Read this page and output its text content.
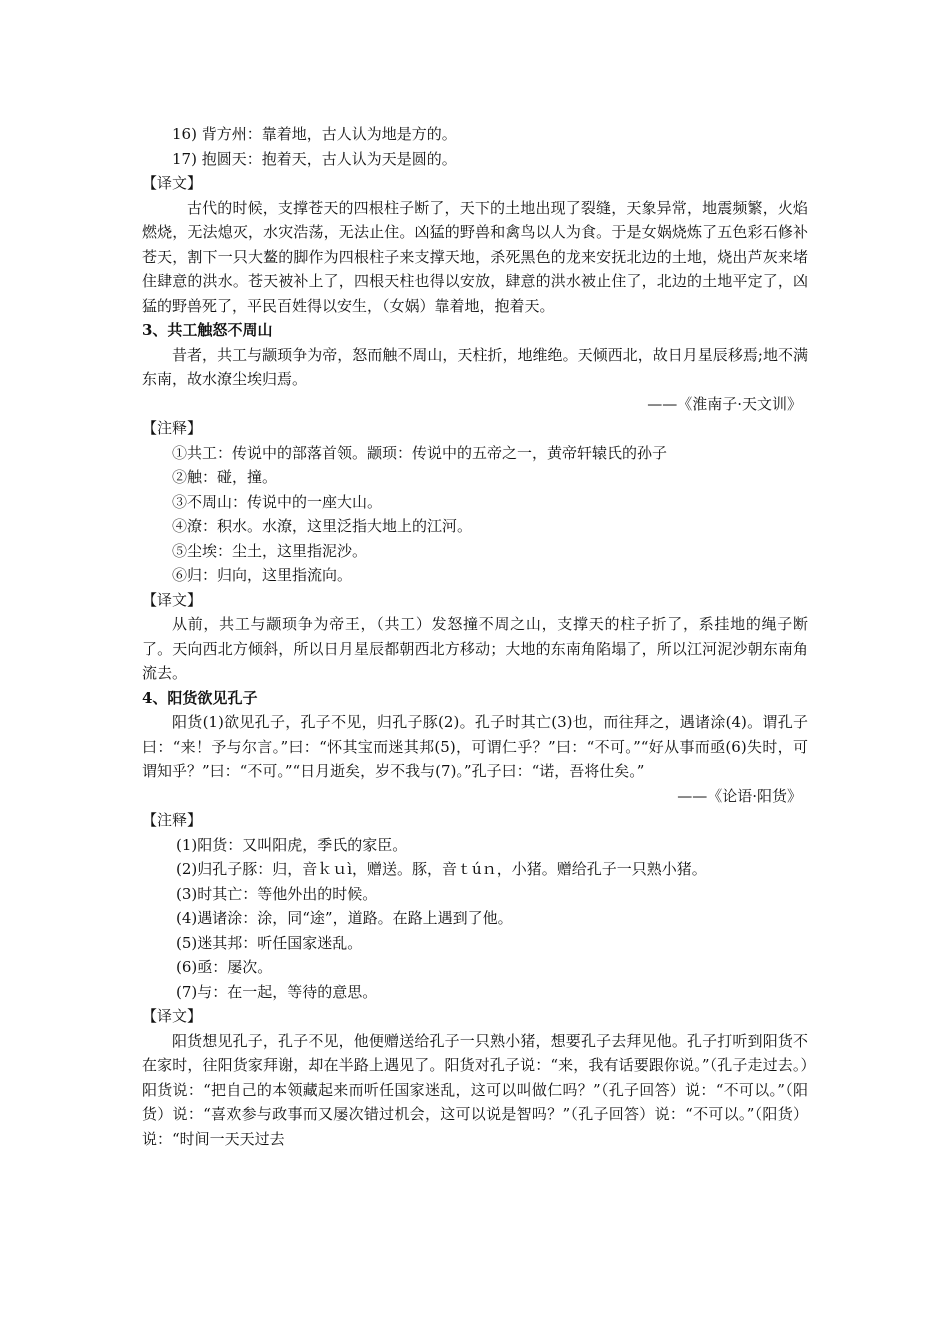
16) 背方州：靠着地，古人认为地是方的。
17) 抱圆天：抱着天，古人认为天是圆的。
【译文】
古代的时候，支撑苍天的四根柱子断了，天下的土地出现了裂缝，天象异常，地震频繁，火焰燃烧，无法熄灭，水灾浩荡，无法止住。凶猛的野兽和禽鸟以人为食。于是女娲烧炼了五色彩石修补苍天，割下一只大鳌的脚作为四根柱子来支撑天地，杀死黑色的龙来安抚北边的土地，烧出芦灰来堵住肆意的洪水。苍天被补上了，四根天柱也得以安放，肆意的洪水被止住了，北边的土地平定了，凶猛的野兽死了，平民百姓得以安生，（女娲）靠着地，抱着天。
3、共工触怒不周山
昔者，共工与颛顼争为帝，怒而触不周山，天柱折，地维绝。天倾西北，故日月星辰移焉;地不满东南，故水潦尘埃归焉。
——《淮南子·天文训》
【注释】
①共工：传说中的部落首领。颛顼：传说中的五帝之一，黄帝轩辕氏的孙子
②触：碰，撞。
③不周山：传说中的一座大山。
④潦：积水。水潦，这里泛指大地上的江河。
⑤尘埃：尘土，这里指泥沙。
⑥归：归向，这里指流向。
【译文】
从前，共工与颛顼争为帝王，（共工）发怒撞不周之山，支撑天的柱子折了，系挂地的绳子断了。天向西北方倾斜，所以日月星辰都朝西北方移动；大地的东南角陷塌了，所以江河泥沙朝东南角流去。
4、阳货欲见孔子
阳货(1)欲见孔子，孔子不见，归孔子豚(2)。孔子时其亡(3)也，而往拜之，遇诸涂(4)。谓孔子曰：“来！予与尔言。”曰：“怀其宝而迷其邦(5)，可谓仁乎？”曰：“不可。”“好从事而亟(6)失时，可谓知乎？”曰：“不可。”“日月逝矣，岁不我与(7)。”孔子曰：“诺，吾将仕矣。”
——《论语·阳货》
【注释】
(1)阳货：又叫阳虎，季氏的家臣。
(2)归孔子豚：归，音ｋｕì，赠送。豚，音ｔúｎ，小猪。赠给孔子一只熟小猪。
(3)时其亡：等他外出的时候。
(4)遇诸涂：涂，同“途”，道路。在路上遇到了他。
(5)迷其邦：听任国家迷乱。
(6)亟：屡次。
(7)与：在一起，等待的意思。
【译文】
阳货想见孔子，孔子不见，他便赠送给孔子一只熟小猪，想要孔子去拜见他。孔子打听到阳货不在家时，往阳货家拜谢，却在半路上遇见了。阳货对孔子说：“来，我有话要跟你说。”（孔子走过去。）阳货说：“把自己的本领藏起来而听任国家迷乱，这可以叫做仁吗？”（孔子回答）说：“不可以。”（阳货）说：“喜欢参与政事而又屡次错过机会，这可以说是智吗？”（孔子回答）说：“不可以。”（阳货）说：“时间一天天过去
